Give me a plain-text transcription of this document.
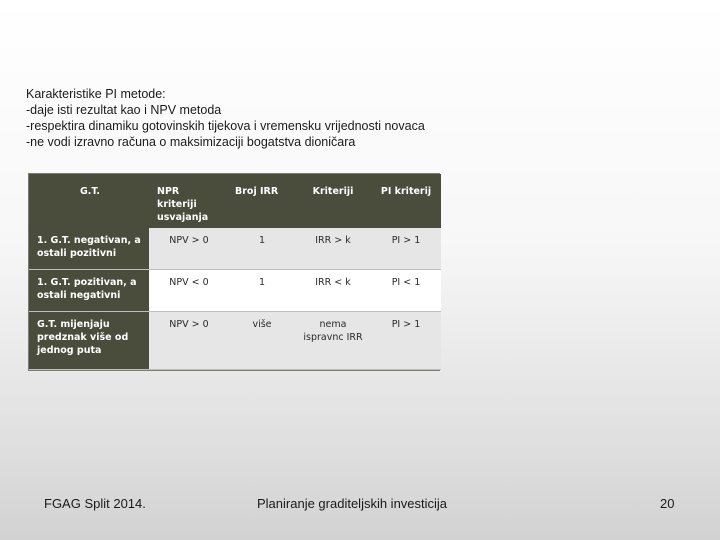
Karakteristike PI metode:
-daje isti rezultat kao i NPV metoda
-respektira dinamiku gotovinskih tijekova i vremensku vrijednosti novaca
-ne vodi izravno računa o maksimizaciji bogatstva dioničara
G.T.	NPR kriteriji usvajanja	Broj IRR	Kriteriji	PI kriterij
1. G.T. negativan, a ostali pozitivni	NPV > 0	1	IRR > k	PI > 1
1. G.T. pozitivan, a ostali negativni	NPV < 0	1	IRR < k	PI < 1
G.T. mijenjaju predznak više od jednog puta	NPV > 0	više	nema ispravnc IRR	PI > 1
FGAG Split 2014.	Planiranje graditeljskih investicija	20
